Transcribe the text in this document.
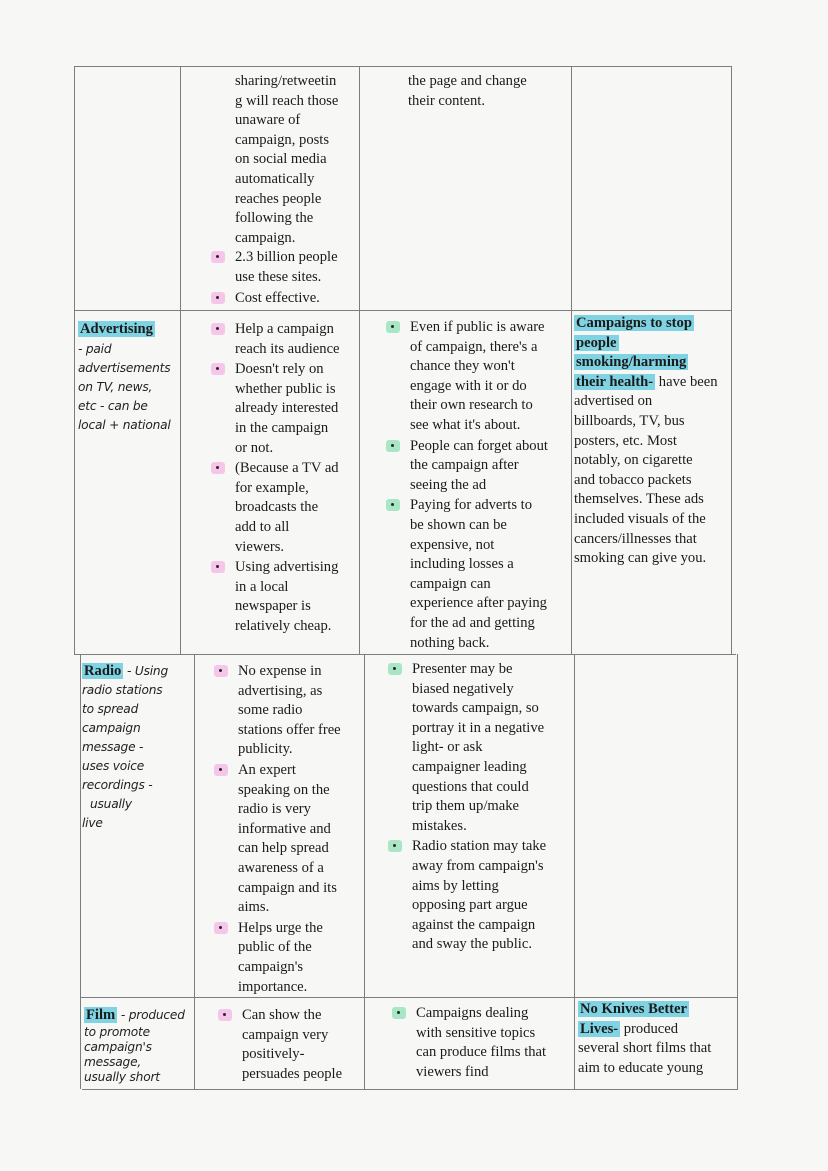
sharing/retweetin
g will reach those
unaware of
campaign, posts
on social media
automatically
reaches people
following the
campaign.
2.3 billion people
use these sites.
Cost effective.
the page and change
their content.
Advertising
- paid
advertisements
on TV, news,
etc - can be
local + national
Help a campaign
reach its audience
Doesn't rely on
whether public is
already interested
in the campaign
or not.
(Because a TV ad
for example,
broadcasts the
add to all
viewers.
Using advertising
in a local
newspaper is
relatively cheap.
Even if public is aware
of campaign, there's a
chance they won't
engage with it or do
their own research to
see what it's about.
People can forget about
the campaign after
seeing the ad
Paying for adverts to
be shown can be
expensive, not
including losses a
campaign can
experience after paying
for the ad and getting
nothing back.
Campaigns to stop
people
smoking/harming
their health- have been
advertised on
billboards, TV, bus
posters, etc. Most
notably, on cigarette
and tobacco packets
themselves. These ads
included visuals of the
cancers/illnesses that
smoking can give you.
Radio - Using
radio stations
to spread
campaign
message -
uses voice
recordings -
usually
live
No expense in
advertising, as
some radio
stations offer free
publicity.
An expert
speaking on the
radio is very
informative and
can help spread
awareness of a
campaign and its
aims.
Helps urge the
public of the
campaign's
importance.
Presenter may be
biased negatively
towards campaign, so
portray it in a negative
light- or ask
campaigner leading
questions that could
trip them up/make
mistakes.
Radio station may take
away from campaign's
aims by letting
opposing part argue
against the campaign
and sway the public.
Film - produced
to promote
campaign's
message,
usually short
Can show the
campaign very
positively-
persuades people
Campaigns dealing
with sensitive topics
can produce films that
viewers find
No Knives Better
Lives- produced
several short films that
aim to educate young
